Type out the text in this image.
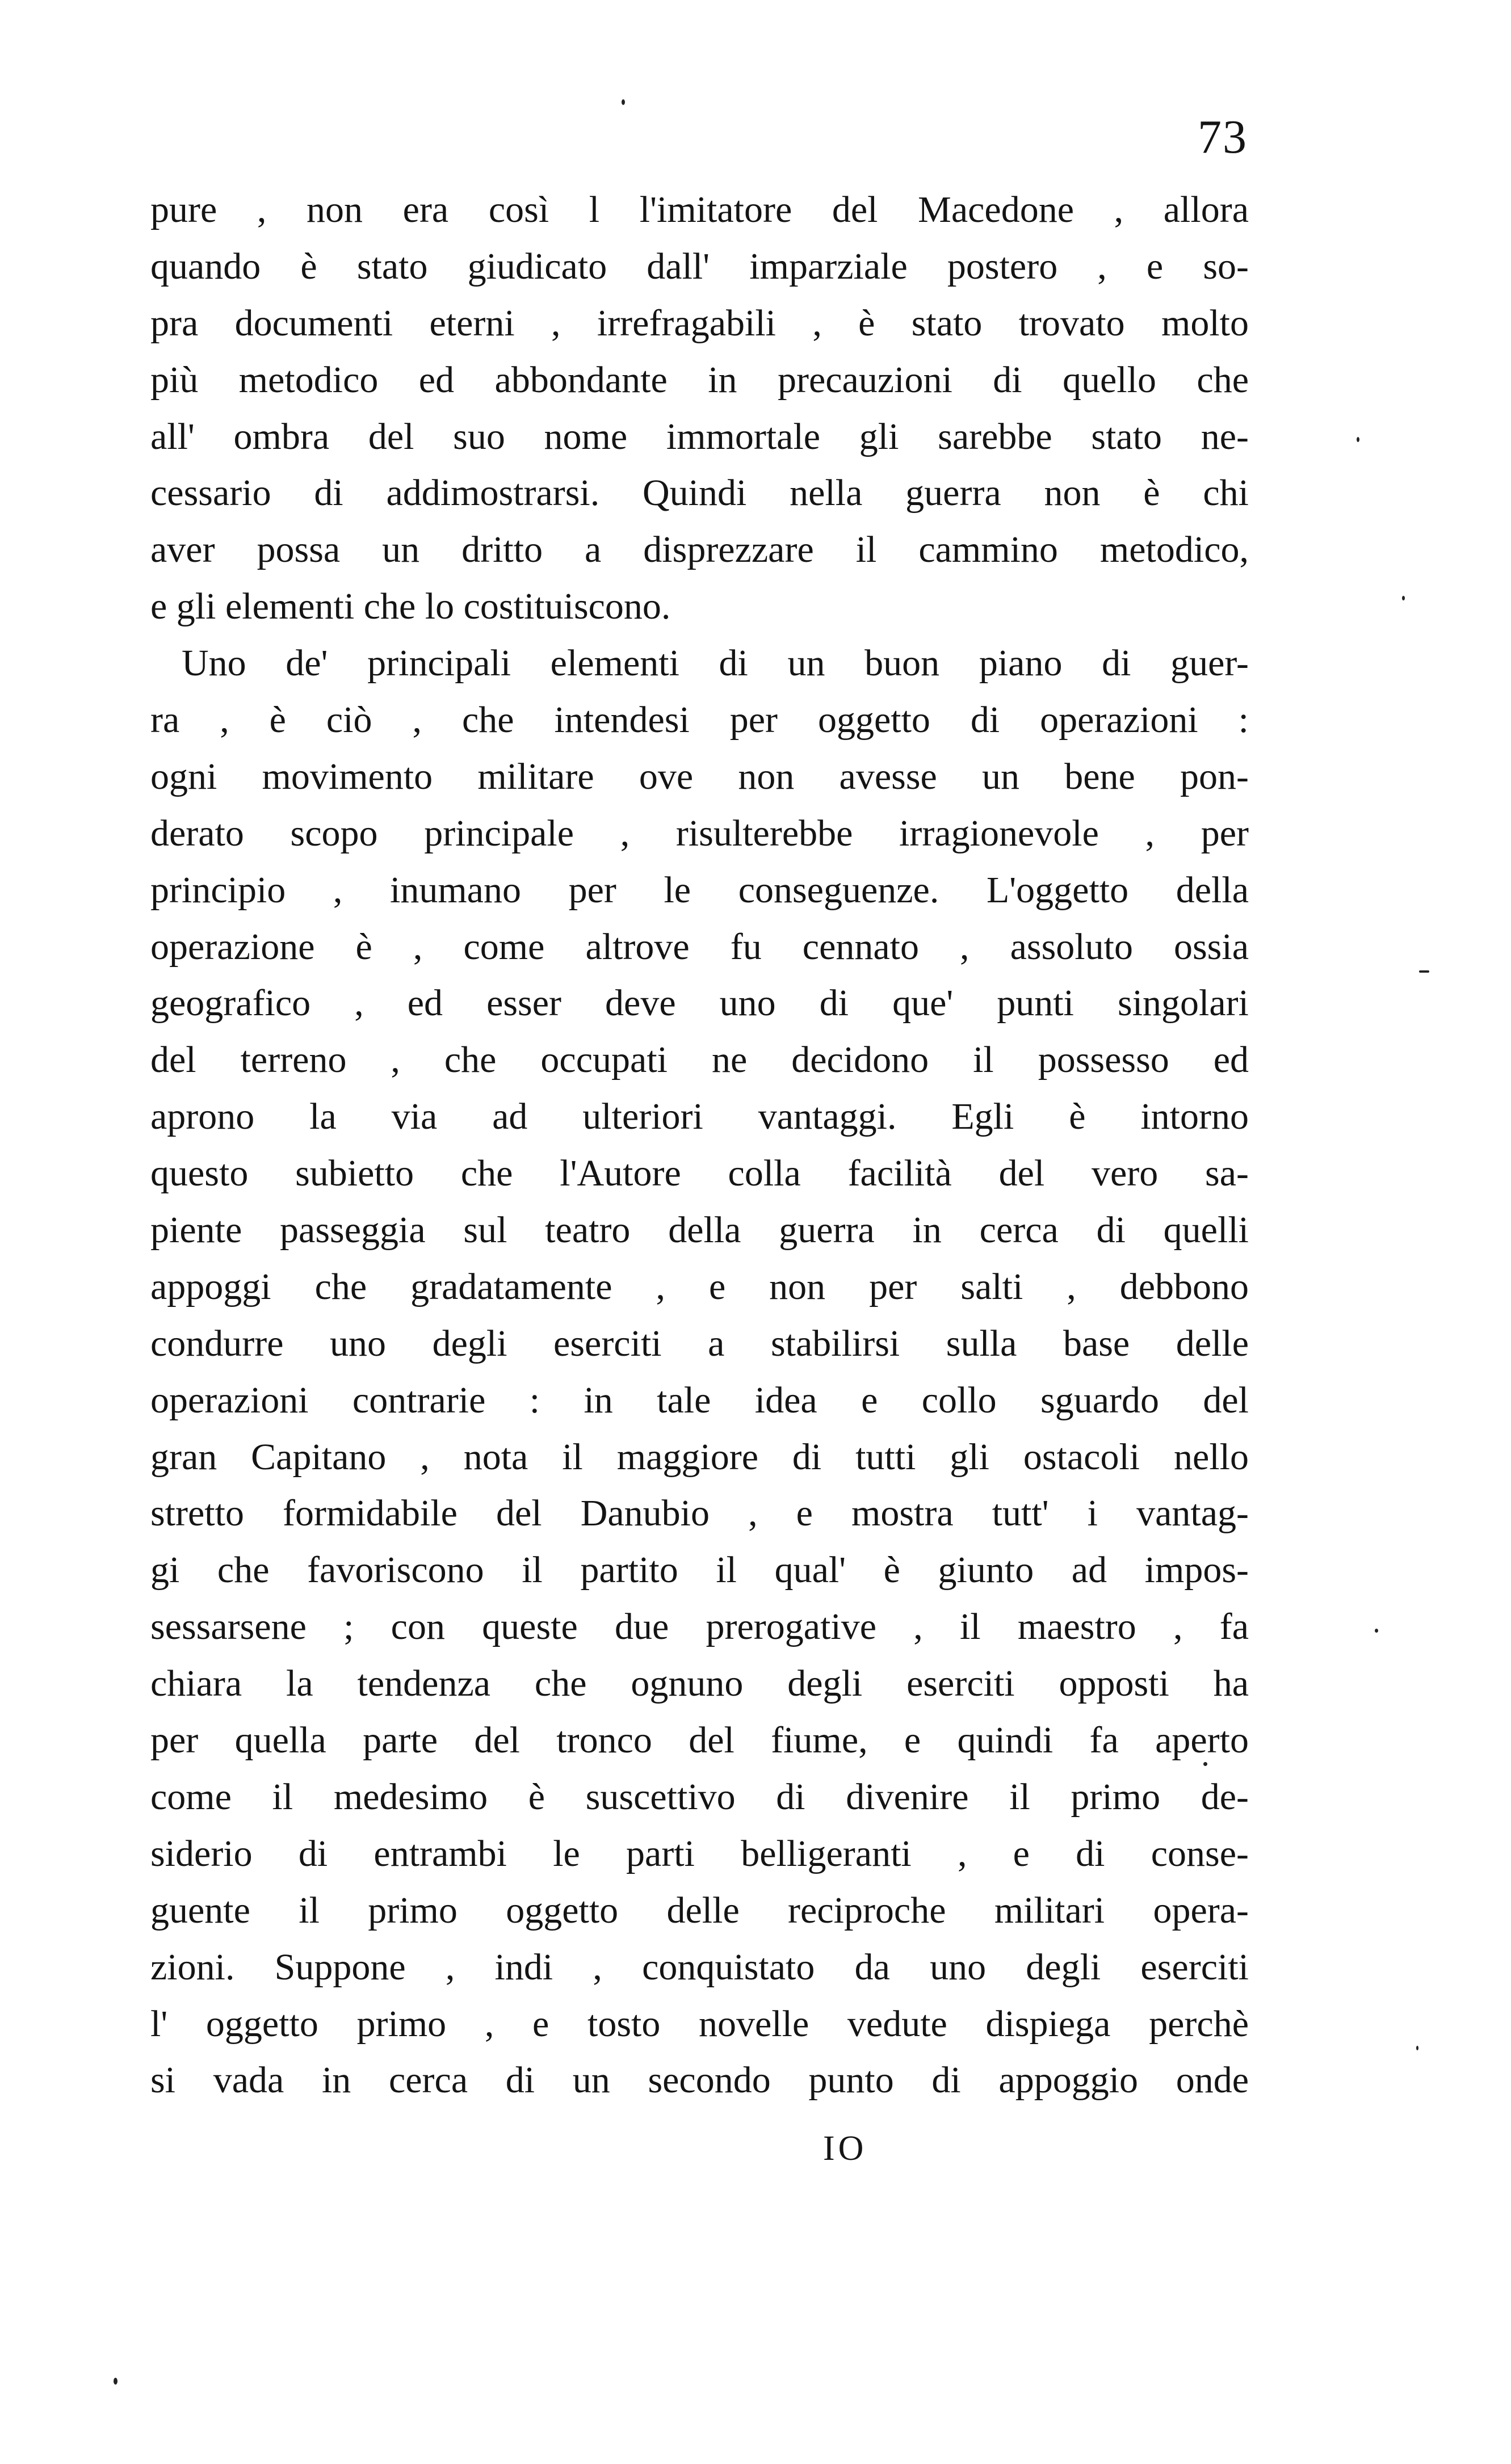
73
pure , non era così l l'imitatore del Macedone , allora
quando è stato giudicato dall' imparziale postero , e so-
pra documenti eterni , irrefragabili , è stato trovato molto
più metodico ed abbondante in precauzioni di quello che
all' ombra del suo nome immortale gli sarebbe stato ne-
cessario di addimostrarsi. Quindi nella guerra non è chi
aver possa un dritto a disprezzare il cammino metodico,
e gli elementi che lo costituiscono.
Uno de' principali elementi di un buon piano di guer-
ra , è ciò , che intendesi per oggetto di operazioni :
ogni movimento militare ove non avesse un bene pon-
derato scopo principale , risulterebbe irragionevole , per
principio , inumano per le conseguenze. L'oggetto della
operazione è , come altrove fu cennato , assoluto ossia
geografico , ed esser deve uno di que' punti singolari
del terreno , che occupati ne decidono il possesso ed
aprono la via ad ulteriori vantaggi. Egli è intorno
questo subietto che l'Autore colla facilità del vero sa-
piente passeggia sul teatro della guerra in cerca di quelli
appoggi che gradatamente , e non per salti , debbono
condurre uno degli eserciti a stabilirsi sulla base delle
operazioni contrarie : in tale idea e collo sguardo del
gran Capitano , nota il maggiore di tutti gli ostacoli nello
stretto formidabile del Danubio , e mostra tutt' i vantag-
gi che favoriscono il partito il qual' è giunto ad impos-
sessarsene ; con queste due prerogative , il maestro , fa
chiara la tendenza che ognuno degli eserciti opposti ha
per quella parte del tronco del fiume, e quindi fa aperto
come il medesimo è suscettivo di divenire il primo de-
siderio di entrambi le parti belligeranti , e di conse-
guente il primo oggetto delle reciproche militari opera-
zioni. Suppone , indi , conquistato da uno degli eserciti
l' oggetto primo , e tosto novelle vedute dispiega perchè
si vada in cerca di un secondo punto di appoggio onde
IO
